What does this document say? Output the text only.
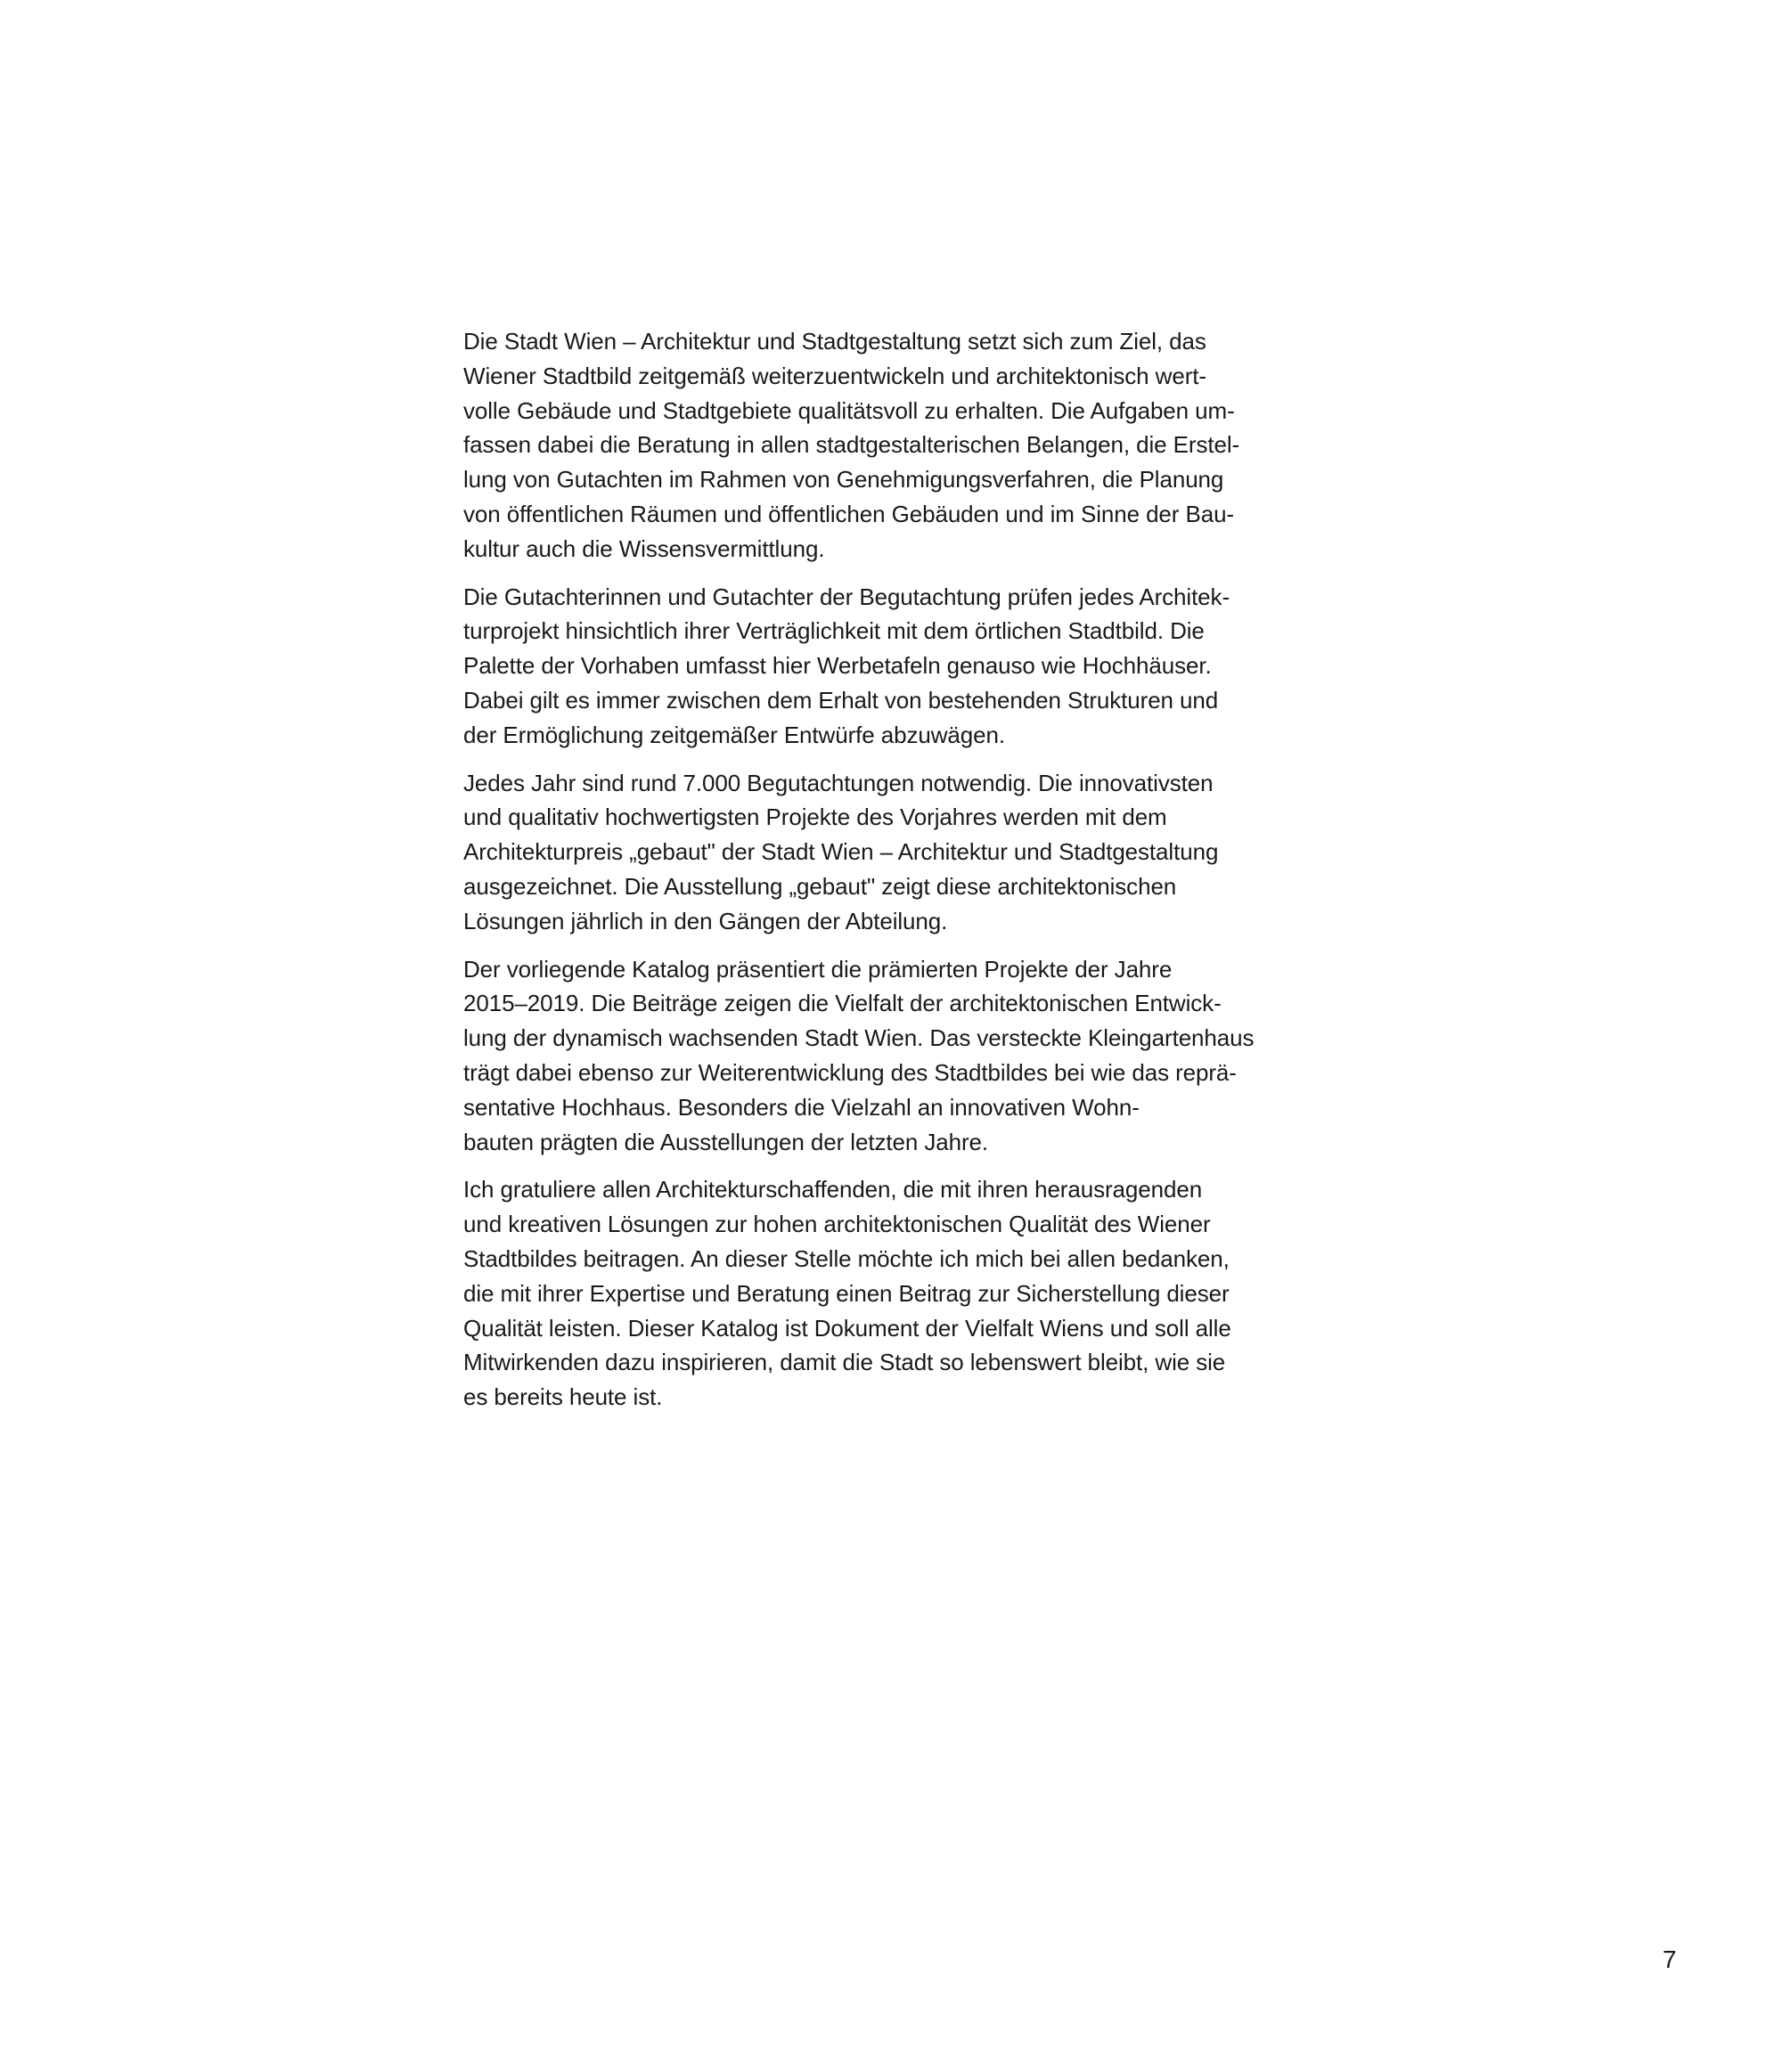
Die Stadt Wien – Architektur und Stadtgestaltung setzt sich zum Ziel, das
Wiener Stadtbild zeitgemäß weiterzuentwickeln und architektonisch wert-
volle Gebäude und Stadtgebiete qualitätsvoll zu erhalten. Die Aufgaben um-
fassen dabei die Beratung in allen stadtgestalterischen Belangen, die Erstel-
lung von Gutachten im Rahmen von Genehmigungsverfahren, die Planung
von öffentlichen Räumen und öffentlichen Gebäuden und im Sinne der Bau-
kultur auch die Wissensvermittlung.

Die Gutachterinnen und Gutachter der Begutachtung prüfen jedes Architek-
turprojekt hinsichtlich ihrer Verträglichkeit mit dem örtlichen Stadtbild. Die
Palette der Vorhaben umfasst hier Werbetafeln genauso wie Hochhäuser.
Dabei gilt es immer zwischen dem Erhalt von bestehenden Strukturen und
der Ermöglichung zeitgemäßer Entwürfe abzuwägen.

Jedes Jahr sind rund 7.000 Begutachtungen notwendig. Die innovativsten
und qualitativ hochwertigsten Projekte des Vorjahres werden mit dem
Architekturpreis „gebaut" der Stadt Wien – Architektur und Stadtgestaltung
ausgezeichnet. Die Ausstellung „gebaut" zeigt diese architektonischen
Lösungen jährlich in den Gängen der Abteilung.

Der vorliegende Katalog präsentiert die prämierten Projekte der Jahre
2015–2019. Die Beiträge zeigen die Vielfalt der architektonischen Entwick-
lung der dynamisch wachsenden Stadt Wien. Das versteckte Kleingartenhaus
trägt dabei ebenso zur Weiterentwicklung des Stadtbildes bei wie das reprä-
sentative Hochhaus. Besonders die Vielzahl an innovativen Wohn-
bauten prägten die Ausstellungen der letzten Jahre.

Ich gratuliere allen Architekturschaffenden, die mit ihren herausragenden
und kreativen Lösungen zur hohen architektonischen Qualität des Wiener
Stadtbildes beitragen. An dieser Stelle möchte ich mich bei allen bedanken,
die mit ihrer Expertise und Beratung einen Beitrag zur Sicherstellung dieser
Qualität leisten. Dieser Katalog ist Dokument der Vielfalt Wiens und soll alle
Mitwirkenden dazu inspirieren, damit die Stadt so lebenswert bleibt, wie sie
es bereits heute ist.

7
